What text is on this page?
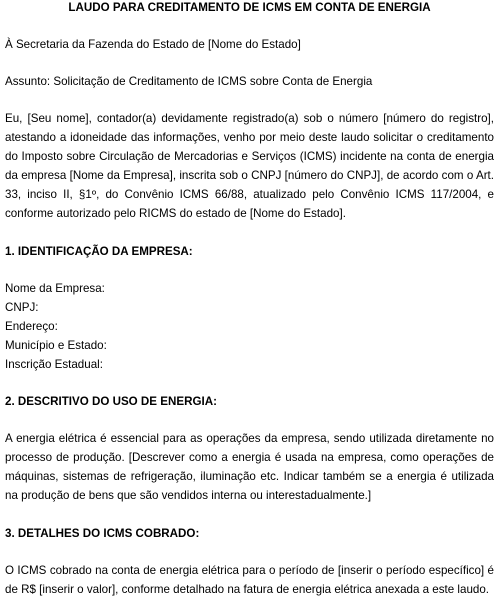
LAUDO PARA CREDITAMENTO DE ICMS EM CONTA DE ENERGIA

À Secretaria da Fazenda do Estado de [Nome do Estado]

Assunto: Solicitação de Creditamento de ICMS sobre Conta de Energia

Eu, [Seu nome], contador(a) devidamente registrado(a) sob o número [número do registro], atestando a idoneidade das informações, venho por meio deste laudo solicitar o creditamento do Imposto sobre Circulação de Mercadorias e Serviços (ICMS) incidente na conta de energia da empresa [Nome da Empresa], inscrita sob o CNPJ [número do CNPJ], de acordo com o Art. 33, inciso II, §1º, do Convênio ICMS 66/88, atualizado pelo Convênio ICMS 117/2004, e conforme autorizado pelo RICMS do estado de [Nome do Estado].

1. IDENTIFICAÇÃO DA EMPRESA:

Nome da Empresa:
CNPJ:
Endereço:
Município e Estado:
Inscrição Estadual:

2. DESCRITIVO DO USO DE ENERGIA:

A energia elétrica é essencial para as operações da empresa, sendo utilizada diretamente no processo de produção. [Descrever como a energia é usada na empresa, como operações de máquinas, sistemas de refrigeração, iluminação etc. Indicar também se a energia é utilizada na produção de bens que são vendidos interna ou interestadualmente.]

3. DETALHES DO ICMS COBRADO:

O ICMS cobrado na conta de energia elétrica para o período de [inserir o período específico] é de R$ [inserir o valor], conforme detalhado na fatura de energia elétrica anexada a este laudo.
